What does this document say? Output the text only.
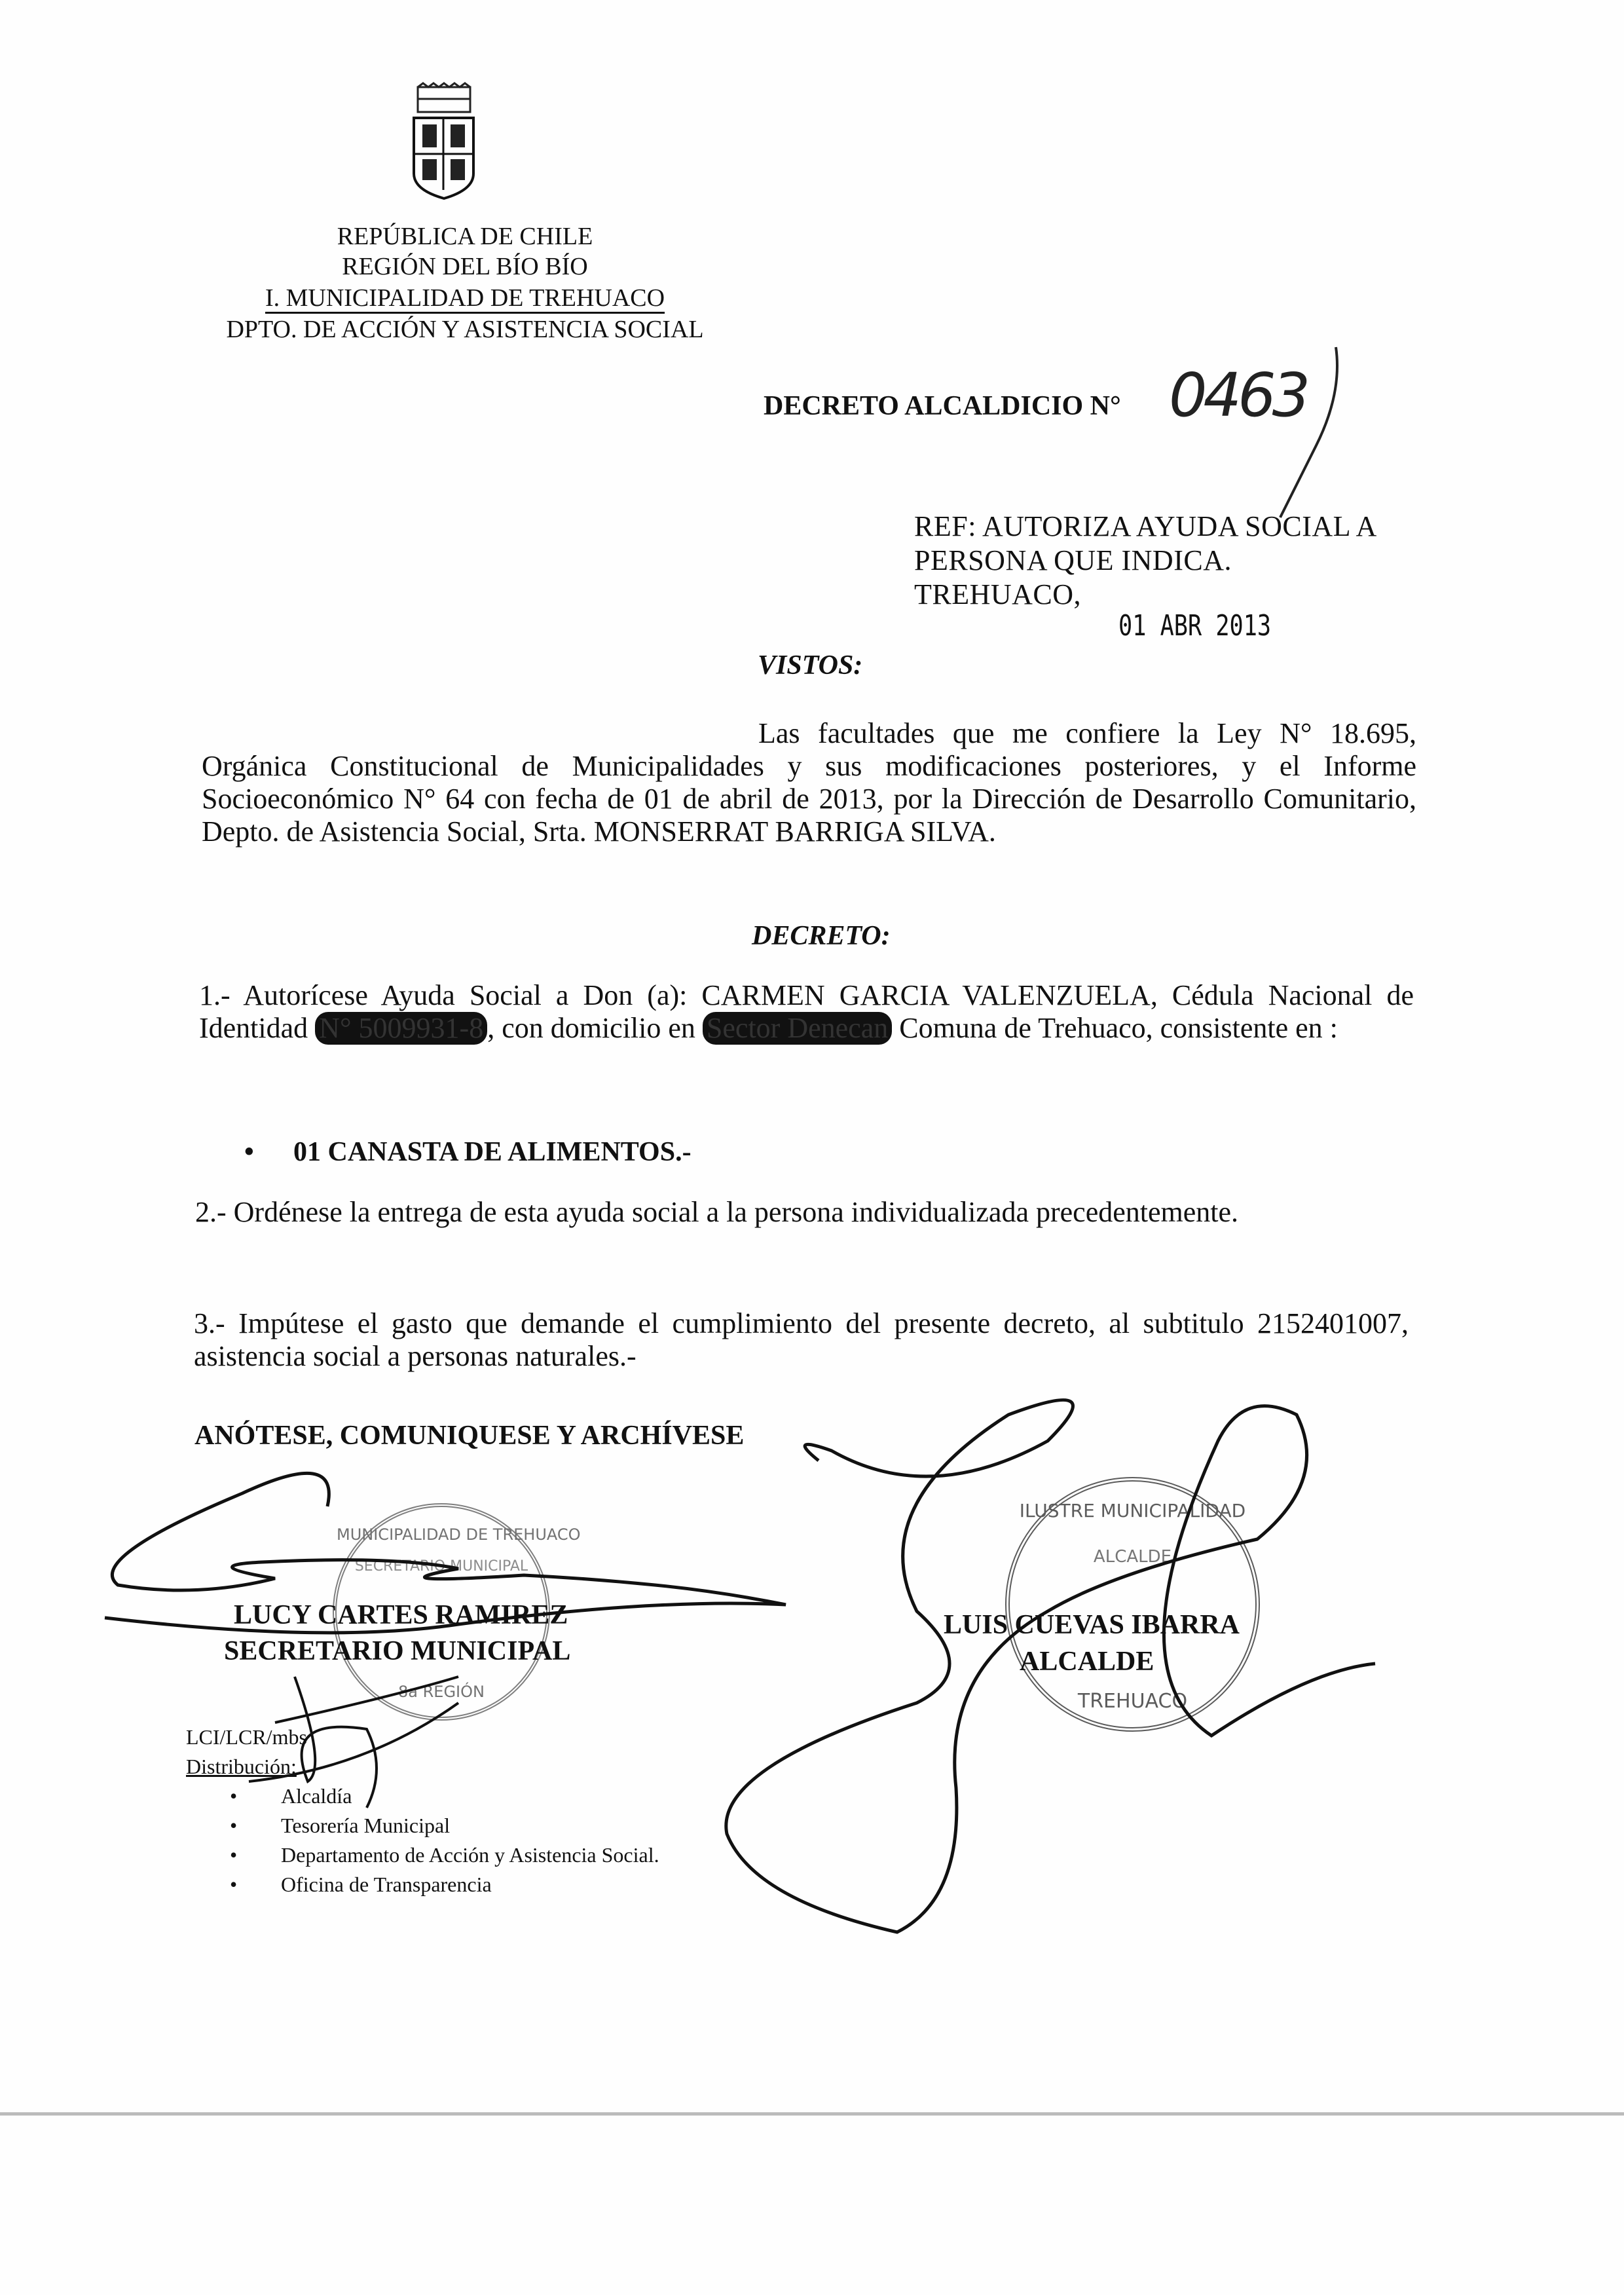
REPÚBLICA DE CHILE
REGIÓN DEL BÍO BÍO
I. MUNICIPALIDAD DE TREHUACO
DPTO. DE ACCIÓN Y ASISTENCIA SOCIAL
DECRETO ALCALDICIO N° 0463
REF: AUTORIZA AYUDA SOCIAL A
PERSONA QUE INDICA.
TREHUACO,
01 ABR 2013
VISTOS:
Las facultades que me confiere la Ley N° 18.695, Orgánica Constitucional de Municipalidades y sus modificaciones posteriores, y el Informe Socioeconómico N° 64 con fecha de 01 de abril de 2013, por la Dirección de Desarrollo Comunitario, Depto. de Asistencia Social, Srta. MONSERRAT BARRIGA SILVA.
DECRETO:
1.- Autorícese Ayuda Social a Don (a): CARMEN GARCIA VALENZUELA, Cédula Nacional de Identidad N° 5009931-8 , con domicilio en Sector Denecan Comuna de Trehuaco, consistente en :
• 01 CANASTA DE ALIMENTOS.-
2.- Ordénese la entrega de esta ayuda social a la persona individualizada precedentemente.
3.- Impútese el gasto que demande el cumplimiento del presente decreto, al subtitulo 2152401007, asistencia social a personas naturales.-
ANÓTESE, COMUNIQUESE Y ARCHÍVESE
MUNICIPALIDAD DE TREHUACO
SECRETARIO MUNICIPAL
8a REGIÓN
ILUSTRE MUNICIPALIDAD
ALCALDE
TREHUACO
LUCY CARTES RAMIREZ
SECRETARIO MUNICIPAL
LUIS CUEVAS IBARRA
ALCALDE
LCI/LCR/mbs
Distribución:
• Alcaldía
• Tesorería Municipal
• Departamento de Acción y Asistencia Social.
• Oficina de Transparencia
